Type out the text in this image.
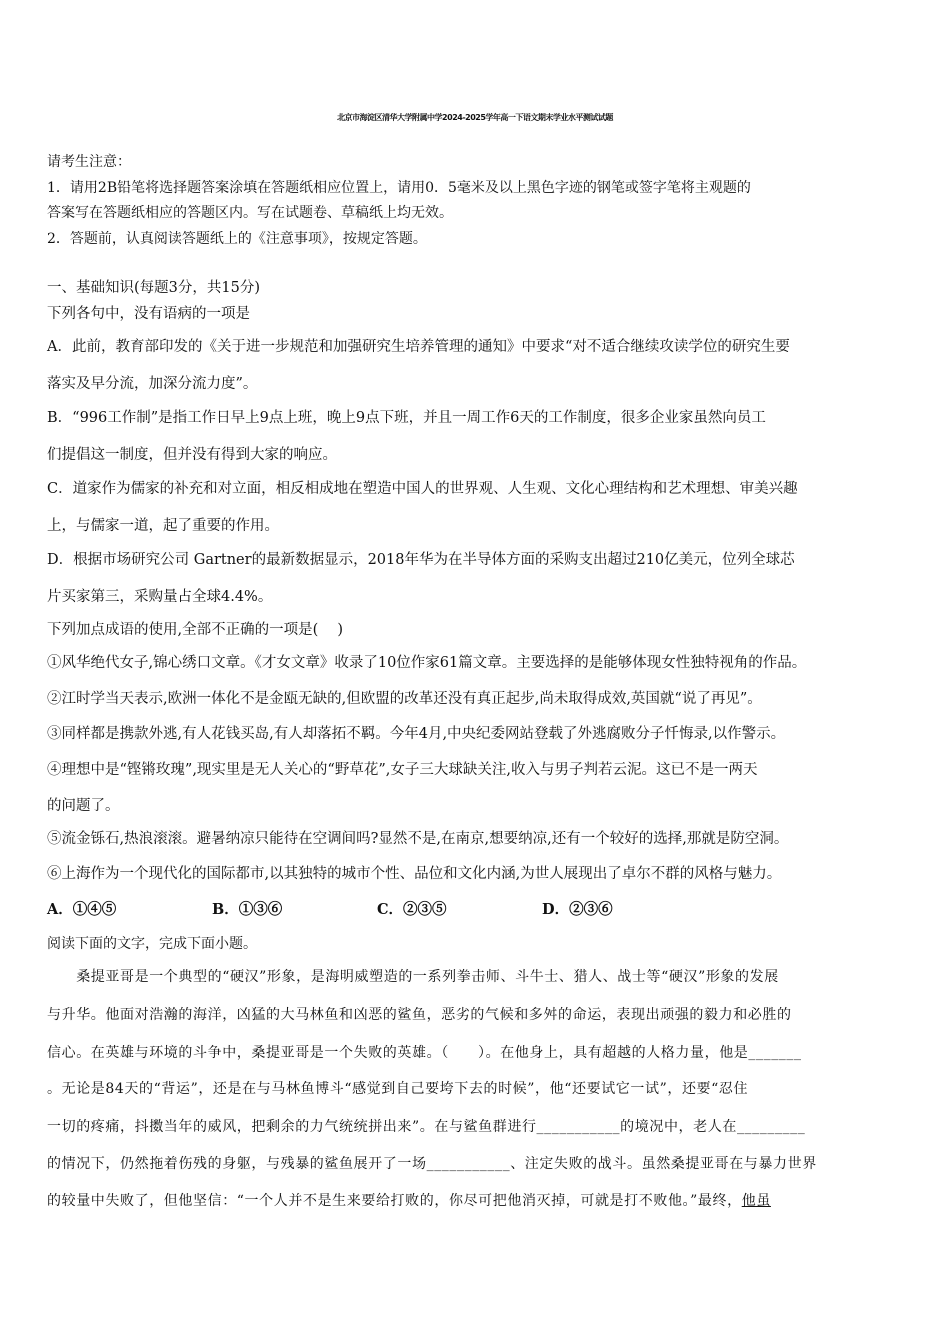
北京市海淀区清华大学附属中学2024-2025学年高一下语文期末学业水平测试试题

请考生注意：

1．请用2B铅笔将选择题答案涂填在答题纸相应位置上，请用0．5毫米及以上黑色字迹的钢笔或签字笔将主观题的

答案写在答题纸相应的答题区内。写在试题卷、草稿纸上均无效。

2．答题前，认真阅读答题纸上的《注意事项》，按规定答题。

一、基础知识(每题3分，共15分)

下列各句中，没有语病的一项是

A．此前，教育部印发的《关于进一步规范和加强研究生培养管理的通知》中要求“对不适合继续攻读学位的研究生要

落实及早分流，加深分流力度”。

B．“996工作制”是指工作日早上9点上班，晚上9点下班，并且一周工作6天的工作制度，很多企业家虽然向员工

们提倡这一制度，但并没有得到大家的响应。

C．道家作为儒家的补充和对立面，相反相成地在塑造中国人的世界观、人生观、文化心理结构和艺术理想、审美兴趣

上，与儒家一道，起了重要的作用。

D．根据市场研究公司 Gartner的最新数据显示，2018年华为在半导体方面的采购支出超过210亿美元，位列全球芯

片买家第三，采购量占全球4.4%。

下列加点成语的使用,全部不正确的一项是(　 )

①风华绝代女子,锦心绣口文章。《才女文章》收录了10位作家61篇文章。主要选择的是能够体现女性独特视角的作品。

②江时学当天表示,欧洲一体化不是金瓯无缺的,但欧盟的改革还没有真正起步,尚未取得成效,英国就“说了再见”。

③同样都是携款外逃,有人花钱买岛,有人却落拓不羁。今年4月,中央纪委网站登载了外逃腐败分子忏悔录,以作警示。

④理想中是“铿锵玫瑰”,现实里是无人关心的“野草花”,女子三大球缺关注,收入与男子判若云泥。这已不是一两天

的问题了。

⑤流金铄石,热浪滚滚。避暑纳凉只能待在空调间吗?显然不是,在南京,想要纳凉,还有一个较好的选择,那就是防空洞。

⑥上海作为一个现代化的国际都市,以其独特的城市个性、品位和文化内涵,为世人展现出了卓尔不群的风格与魅力。

A．①④⑤	B．①③⑥	C．②③⑤	D．②③⑥

阅读下面的文字，完成下面小题。

　　桑提亚哥是一个典型的“硬汉”形象，是海明威塑造的一系列拳击师、斗牛士、猎人、战士等“硬汉”形象的发展

与升华。他面对浩瀚的海洋，凶猛的大马林鱼和凶恶的鲨鱼，恶劣的气候和多舛的命运，表现出顽强的毅力和必胜的

信心。在英雄与环境的斗争中，桑提亚哥是一个失败的英雄。（　　）。在他身上，具有超越的人格力量，他是_______

。无论是84天的“背运”，还是在与马林鱼博斗“感觉到自己要垮下去的时候”，他“还要试它一试”，还要“忍住

一切的疼痛，抖擞当年的威风，把剩余的力气统统拼出来”。在与鲨鱼群进行___________的境况中，老人在_________

的情况下，仍然拖着伤残的身躯，与残暴的鲨鱼展开了一场___________、注定失败的战斗。虽然桑提亚哥在与暴力世界

的较量中失败了，但他坚信：“一个人并不是生来要给打败的，你尽可把他消灭掉，可就是打不败他。”最终，他虽
